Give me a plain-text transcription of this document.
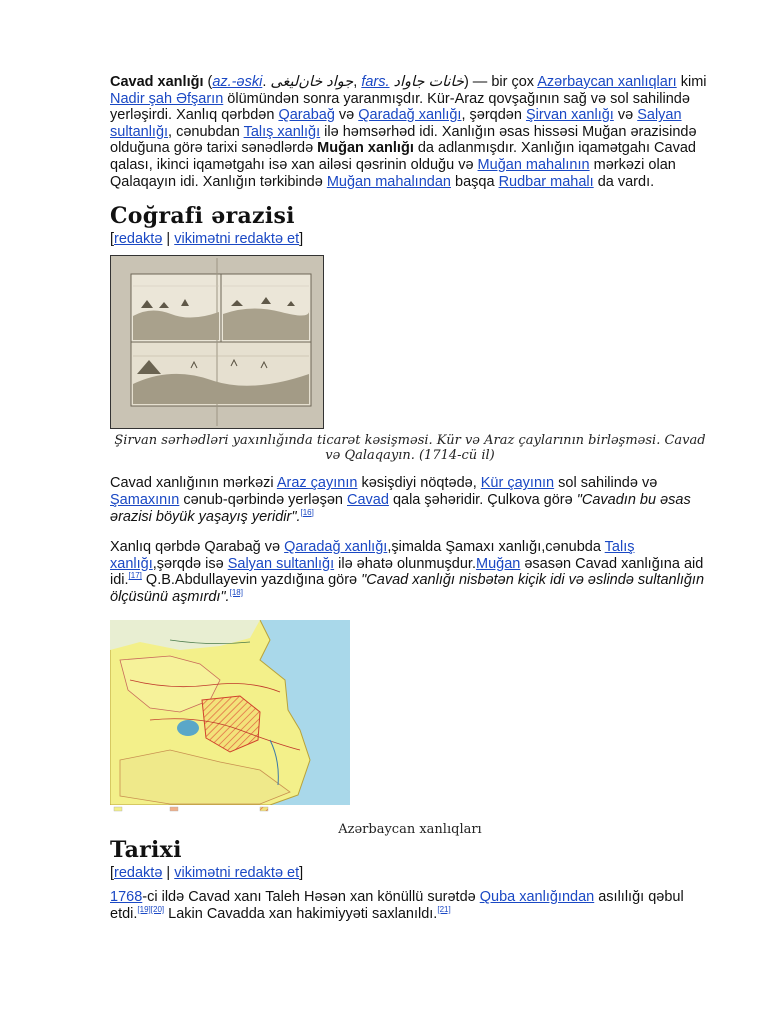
Cavad xanlığı (az.-əski. جواد خان‌لیغی, fars. خانات جاواد) — bir çox Azərbaycan xanlıqları kimi Nadir şah Əfşarın ölümündən sonra yaranmışdır. Kür-Araz qovşağının sağ və sol sahilində yerləşirdi. Xanlıq qərbdən Qarabağ və Qaradağ xanlığı, şərqdən Şirvan xanlığı və Salyan sultanlığı, cənubdan Talış xanlığı ilə həmsərhəd idi. Xanlığın əsas hissəsi Muğan ərazisində olduğuna görə tarixi sənədlərdə Muğan xanlığı da adlanmışdır. Xanlığın iqamətgahı Cavad qalası, ikinci iqamətgahı isə xan ailəsi qəsrinin olduğu və Muğan mahalının mərkəzi olan Qalaqayın idi. Xanlığın tərkibində Muğan mahalından başqa Rudbar mahalı da vardı.

Coğrafi ərazisi
[redaktə | vikimətni redaktə et]
Şirvan sərhədləri yaxınlığında ticarət kəsişməsi. Kür və Araz çaylarının birləşməsi. Cavad və Qalaqayın. (1714-cü il)

Cavad xanlığının mərkəzi Araz çayının kəsişdiyi nöqtədə, Kür çayının sol sahilində və Şamaxının cənub-qərbində yerləşən Cavad qala şəhəridir. Çulkova görə "Cavadın bu əsas ərazisi böyük yaşayış yeridir".[16]

Xanlıq qərbdə Qarabağ və Qaradağ xanlığı,şimalda Şamaxı xanlığı,cənubda Talış xanlığı,şərqdə isə Salyan sultanlığı ilə əhatə olunmuşdur.Muğan əsasən Cavad xanlığına aid idi.[17] Q.B.Abdullayevin yazdığına görə "Cavad xanlığı nisbətən kiçik idi və əslində sultanlığın ölçüsünü aşmırdı".[18]

Azərbaycan xanlıqları
Tarixi
[redaktə | vikimətni redaktə et]

1768-ci ildə Cavad xanı Taleh Həsən xan könüllü surətdə Quba xanlığından asılılığı qəbul etdi.[19][20] Lakin Cavadda xan hakimiyyəti saxlanıldı.[21]
